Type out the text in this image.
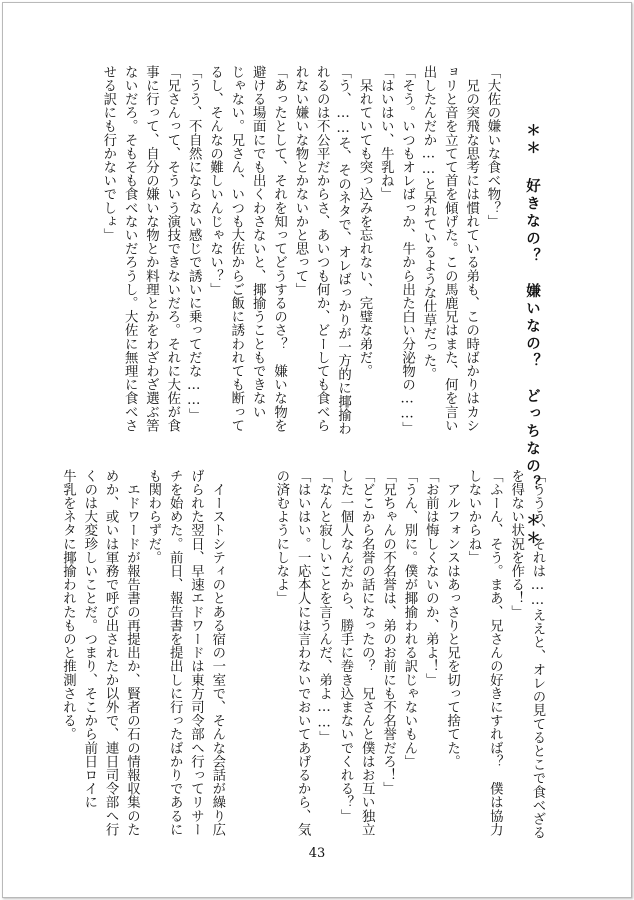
＊＊ 好きなの？　嫌いなの？　どっちなの？ ＊＊
「大佐の嫌いな食べ物？」
　兄の突飛な思考には慣れている弟も、この時ばかりはカシ
ョリと音を立てて首を傾げた。この馬鹿兄はまた、何を言い
出したんだか……と呆れているような仕草だった。
「そう。いつもオレばっか、牛から出た白い分泌物の……」
「はいはい、牛乳ね」
　呆れていても突っ込みを忘れない、完璧な弟だ。
「う、……そ、そのネタで、オレばっかりが一方的に揶揄わ
れるのは不公平だからさ、あいつも何か、どーしても食べら
れない嫌いな物とかないかと思って」
「あったとして、それを知ってどうするのさ？　嫌いな物を
避ける場面にでも出くわさないと、揶揄うこともできない
じゃない。兄さん、いつも大佐からご飯に誘われても断って
るし、そんなの難しいんじゃない？」
「うう、不自然にならない感じで誘いに乗ってだな……」
「兄さんって、そういう演技できないだろ。それに大佐が食
事に行って、自分の嫌いな物とか料理とかをわざわざ選ぶ筈
ないだろ。そもそも食べないだろうし。大佐に無理に食べさ
せる訳にも行かないでしょ」
「ううう、それは……ええと、オレの見てるとこで食べざる
を得ない状況を作る！」
「ふーん、そう。まあ、兄さんの好きにすれば？　僕は協力
しないからね」
　アルフォンスはあっさりと兄を切って捨てた。
「お前は悔しくないのか、弟よ！」
「うん、別に。僕が揶揄われる訳じゃないもん」
「兄ちゃんの不名誉は、弟のお前にも不名誉だろ！」
「どこから名誉の話になったの？　兄さんと僕はお互い独立
した一個人なんだから、勝手に巻き込まないでくれる？」
「なんと寂しいことを言うんだ、弟よ……」
「はいはい。一応本人には言わないでおいてあげるから、気
の済むようにしなよ」
　イーストシティのとある宿の一室で、そんな会話が繰り広
げられた翌日、早速エドワードは東方司令部へ行ってリサー
チを始めた。前日、報告書を提出しに行ったばかりであるに
も関わらずだ。
　エドワードが報告書の再提出か、賢者の石の情報収集のた
めか、或いは軍務で呼び出されたか以外で、連日司令部へ行
くのは大変珍しいことだ。つまり、そこから前日ロイに
牛乳をネタに揶揄われたものと推測される。
43
